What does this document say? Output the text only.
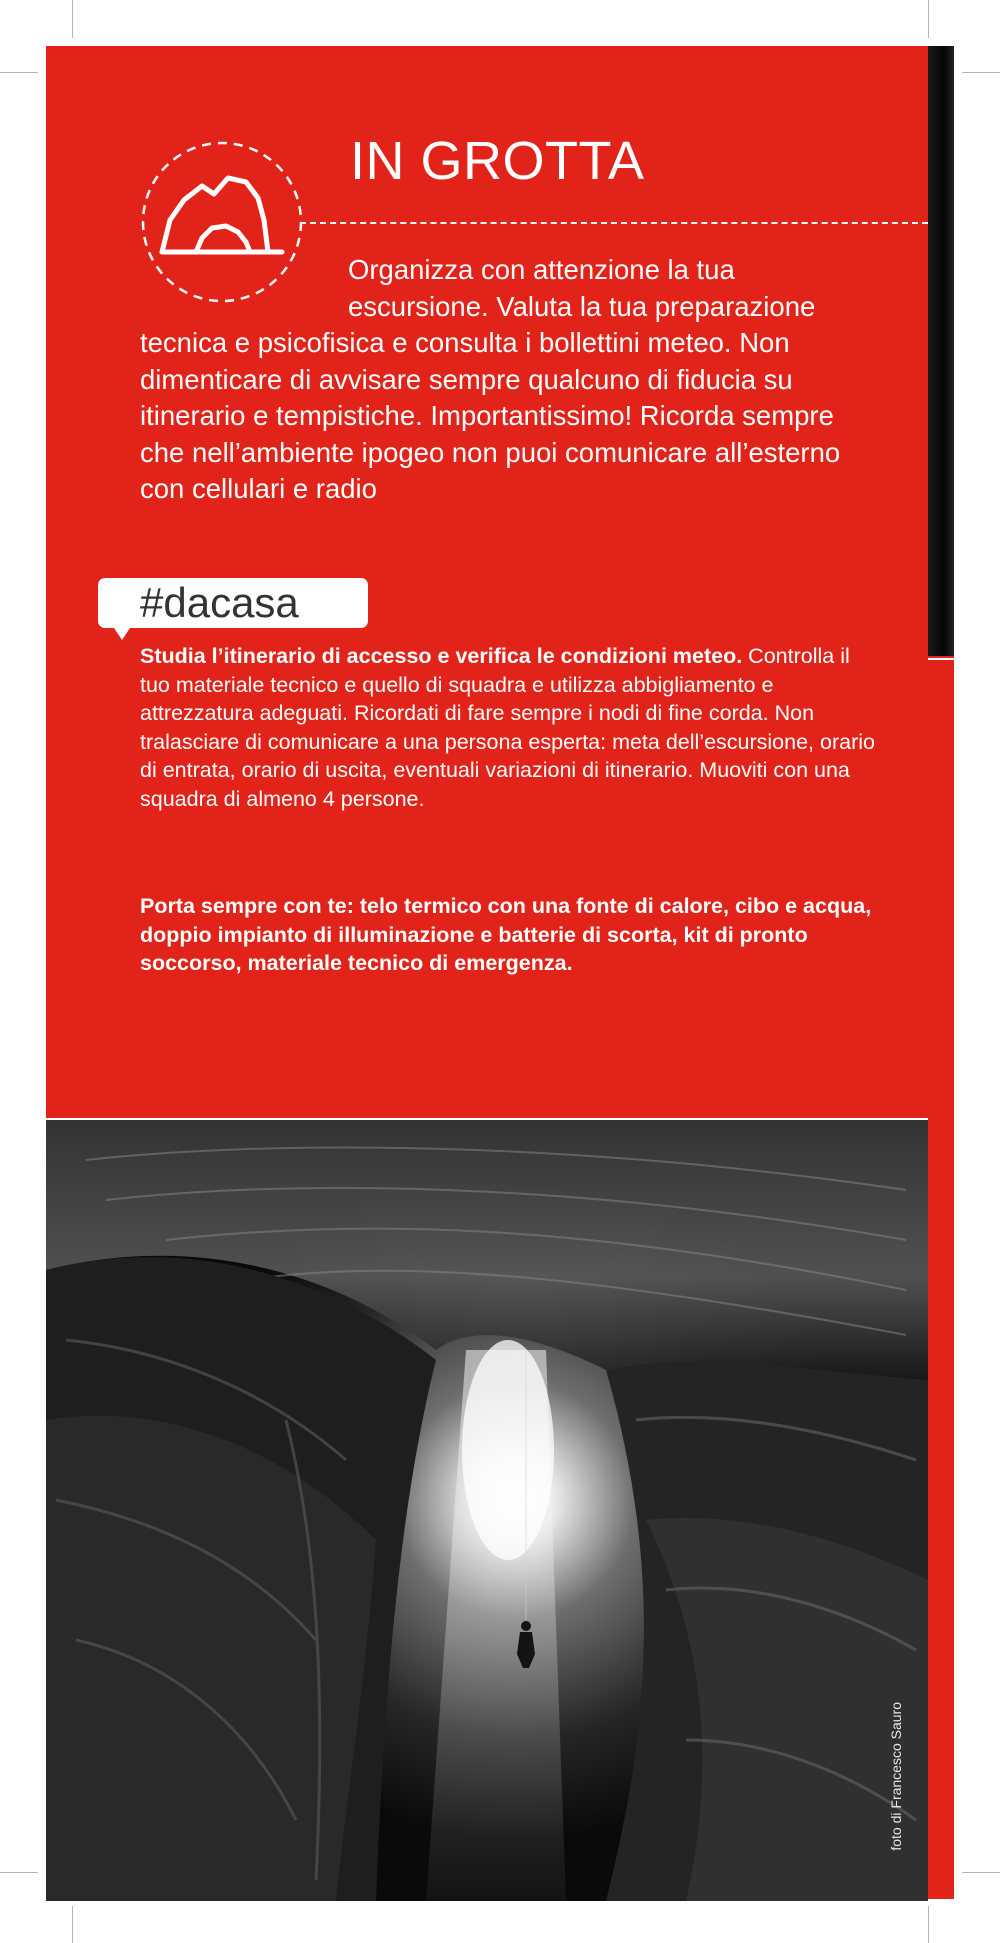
IN GROTTA

Organizza con attenzione la tua escursione. Valuta la tua preparazione tecnica e psicofisica e consulta i bollettini meteo. Non dimenticare di avvisare sempre qualcuno di fiducia su itinerario e tempistiche. Importantissimo! Ricorda sempre che nell’ambiente ipogeo non puoi comunicare all’esterno con cellulari e radio

#dacasa

Studia l’itinerario di accesso e verifica le condizioni meteo. Controlla il tuo materiale tecnico e quello di squadra e utilizza abbigliamento e attrezzatura adeguati. Ricordati di fare sempre i nodi di fine corda. Non tralasciare di comunicare a una persona esperta: meta dell’escursione, orario di entrata, orario di uscita, eventuali variazioni di itinerario. Muoviti con una squadra di almeno 4 persone.

Porta sempre con te: telo termico con una fonte di calore, cibo e acqua, doppio impianto di illuminazione e batterie di scorta, kit di pronto soccorso, materiale tecnico di emergenza.

foto di Francesco Sauro
